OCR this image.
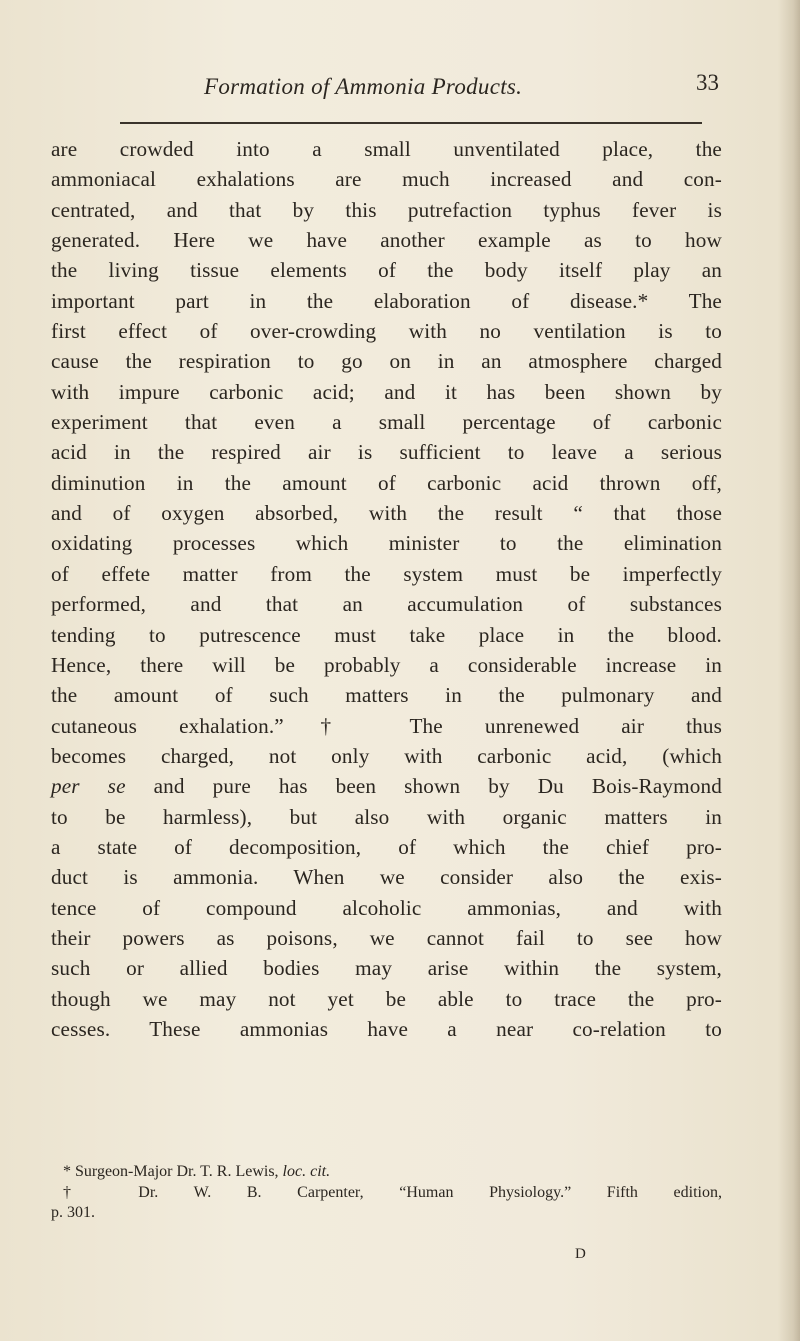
Formation of Ammonia Products.	33
are crowded into a small unventilated place, the
ammoniacal exhalations are much increased and con-
centrated, and that by this putrefaction typhus fever is
generated. Here we have another example as to how
the living tissue elements of the body itself play an
important part in the elaboration of disease.* The
first effect of over-crowding with no ventilation is to
cause the respiration to go on in an atmosphere charged
with impure carbonic acid; and it has been shown by
experiment that even a small percentage of carbonic
acid in the respired air is sufficient to leave a serious
diminution in the amount of carbonic acid thrown off,
and of oxygen absorbed, with the result “ that those
oxidating processes which minister to the elimination
of effete matter from the system must be imperfectly
performed, and that an accumulation of substances
tending to putrescence must take place in the blood.
Hence, there will be probably a considerable increase in
the amount of such matters in the pulmonary and
cutaneous exhalation.”† The unrenewed air thus
becomes charged, not only with carbonic acid, (which
per se and pure has been shown by Du Bois-Raymond
to be harmless), but also with organic matters in
a state of decomposition, of which the chief pro-
duct is ammonia. When we consider also the exis-
tence of compound alcoholic ammonias, and with
their powers as poisons, we cannot fail to see how
such or allied bodies may arise within the system,
though we may not yet be able to trace the pro-
cesses. These ammonias have a near co-relation to
* Surgeon-Major Dr. T. R. Lewis, loc. cit.
† Dr. W. B. Carpenter, “Human Physiology.” Fifth edition,
p. 301.
D
